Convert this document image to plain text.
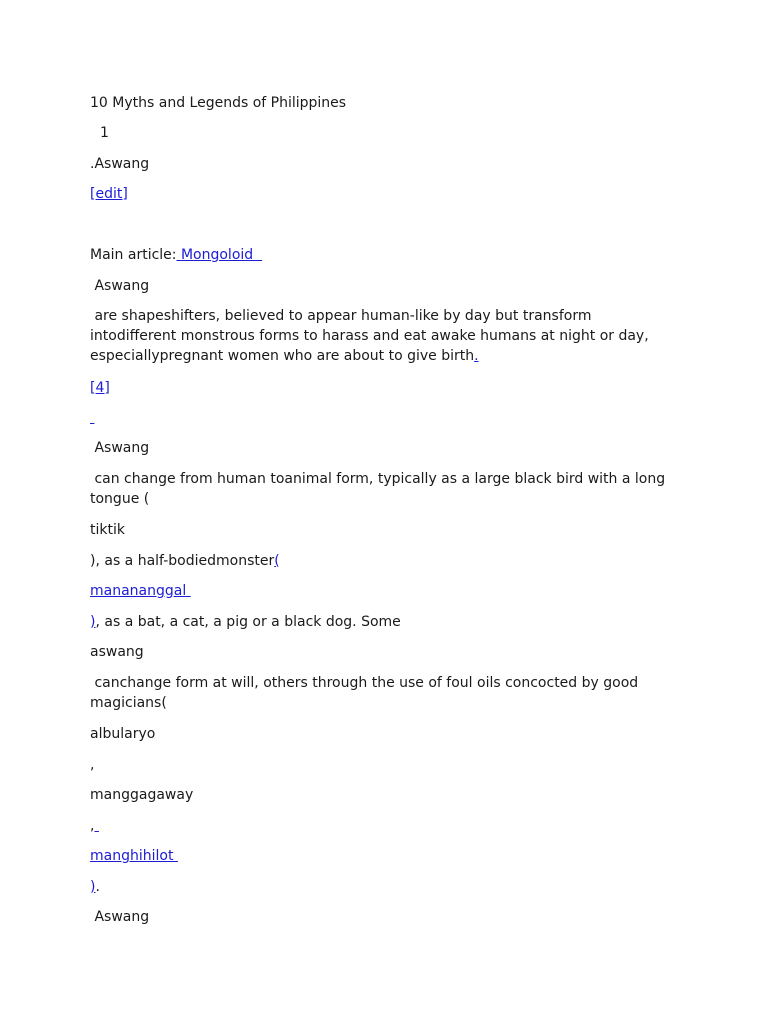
10 Myths and Legends of Philippines
1
.Aswang
[edit]
Main article: Mongoloid
Aswang
are shapeshifters, believed to appear human-like by day but transform intodifferent monstrous forms to harass and eat awake humans at night or day, especiallypregnant women who are about to give birth.
[4]

Aswang
can change from human toanimal form, typically as a large black bird with a long tongue (
tiktik
), as a half-bodiedmonster(
manananggal
), as a bat, a cat, a pig or a black dog. Some
aswang
canchange form at will, others through the use of foul oils concocted by good magicians(
albularyo
,
manggagaway
,
manghihilot
).
Aswang
